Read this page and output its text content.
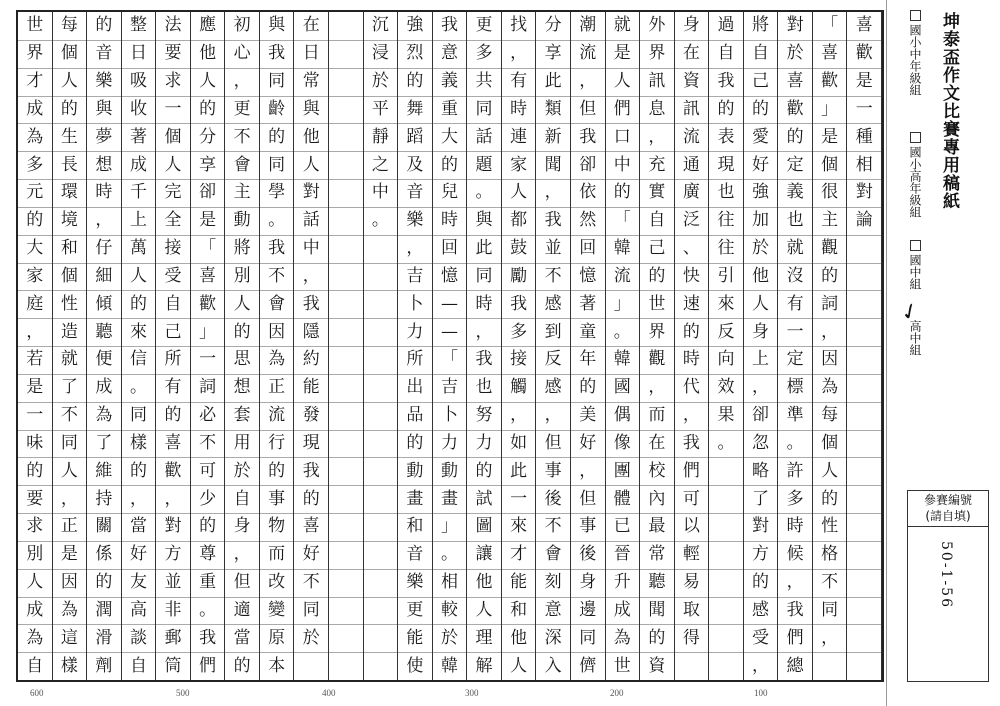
喜
歡
是
一
種
相
對
論
「
喜
歡
」
是
個
很
主
觀
的
詞
，
因
為
每
個
人
的
性
格
不
同
，
對
於
喜
歡
的
定
義
也
就
沒
有
一
定
標
準
。
許
多
時
候
，
我
們
總
將
自
己
的
愛
好
強
加
於
他
人
身
上
，
卻
忽
略
了
對
方
的
感
受
，
過
自
我
的
表
現
也
往
往
引
來
反
向
效
果
。
身
在
資
訊
流
通
廣
泛
、
快
速
的
時
代
，
我
們
可
以
輕
易
取
得
外
界
訊
息
，
充
實
自
己
的
世
界
觀
，
而
在
校
內
最
常
聽
聞
的
資
就
是
人
們
口
中
的
「
韓
流
」
。
韓
國
偶
像
團
體
已
晉
升
成
為
世
潮
流
，
但
我
卻
依
然
回
憶
著
童
年
的
美
好
，
但
事
後
身
邊
同
儕
分
享
此
類
新
聞
，
我
並
不
感
到
反
感
，
但
事
後
不
會
刻
意
深
入
找
，
有
時
連
家
人
都
鼓
勵
我
多
接
觸
，
如
此
一
來
才
能
和
他
人
更
多
共
同
話
題
。
與
此
同
時
，
我
也
努
力
的
試
圖
讓
他
人
理
解
我
意
義
重
大
的
兒
時
回
憶
—
—
「
吉
卜
力
動
畫
」
。
相
較
於
韓
強
烈
的
舞
蹈
及
音
樂
，
吉
卜
力
所
出
品
的
動
畫
和
音
樂
更
能
使
沉
浸
於
平
靜
之
中
。
在
日
常
與
他
人
對
話
中
，
我
隱
約
能
發
現
我
的
喜
好
不
同
於
與
我
同
齡
的
同
學
。
我
不
會
因
為
正
流
行
的
事
物
而
改
變
原
本
初
心
，
更
不
會
主
動
將
別
人
的
思
想
套
用
於
自
身
，
但
適
當
的
應
他
人
的
分
享
卻
是
「
喜
歡
」
一
詞
必
不
可
少
的
尊
重
。
我
們
法
要
求
一
個
人
完
全
接
受
自
己
所
有
的
喜
歡
，
對
方
並
非
郵
筒
整
日
吸
收
著
成
千
上
萬
人
的
來
信
。
同
樣
的
，
當
好
友
高
談
自
的
音
樂
與
夢
想
時
，
仔
細
傾
聽
便
成
為
了
維
持
關
係
的
潤
滑
劑
每
個
人
的
生
長
環
境
和
個
性
造
就
了
不
同
人
，
正
是
因
為
這
樣
世
界
才
成
為
多
元
的
大
家
庭
，
若
是
一
味
的
要
求
別
人
成
為
自
600	500	400	300	200	100
坤泰盃作文比賽專用稿紙
國小中年級組
國小高年級組
國中組
✓
高中組
參賽編號
(請自填)
50-1-56
